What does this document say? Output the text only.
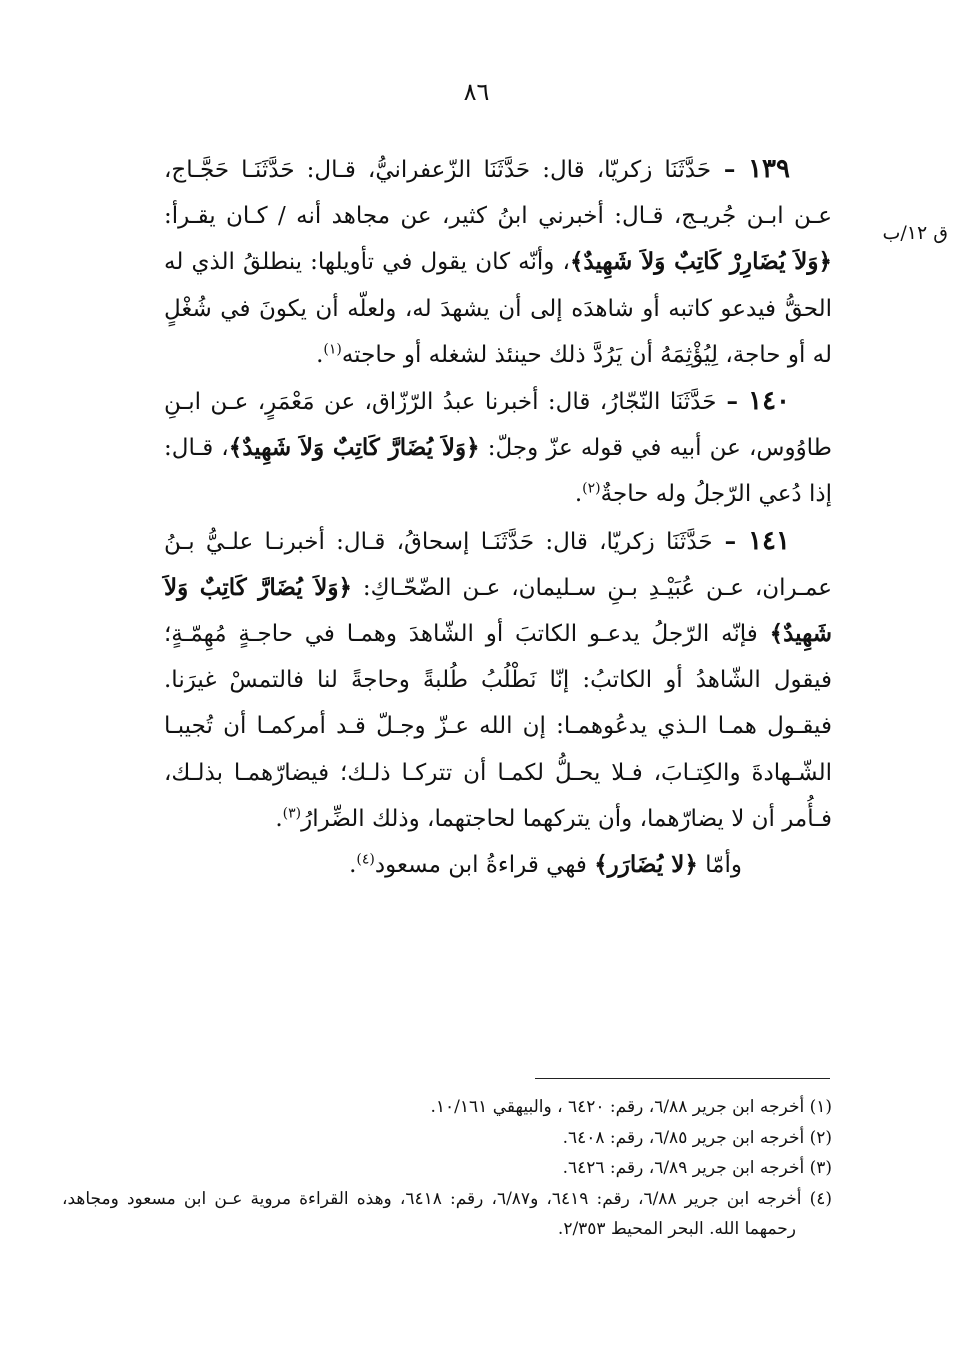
٨٦
ق ١٢/ب

١٣٩ – حَدَّثَنَا زكريّا، قال: حَدَّثَنَا الزّعفرانيُّ، قـال: حَدَّثَنَـا حَجَّـاج، عـن ابـن جُريـج، قـال: أخبرني ابنُ كثير، عن مجاهد أنه / كـان يقـرأ: ﴿وَلاَ يُضَارِرْ كَاتِبٌ وَلاَ شَهِيدٌ﴾، وأنّه كان يقول في تأويلها: ينطلقُ الذي له الحقُّ فيدعو كاتبه أو شاهدَه إلى أن يشهدَ له، ولعلّه أن يكونَ في شُغْلٍ له أو حاجة، لِيُؤْثِمَهُ أن يَرُدَّ ذلك حينئذ لشغله أو حاجته$^{(١)}$.

١٤٠ – حَدَّثَنَا النّجّارُ، قال: أخبرنا عبدُ الرّزّاق، عن مَعْمَرٍ، عـن ابـنِ طاوُوس، عن أبيه في قوله عزّ وجلّ: ﴿وَلاَ يُضَارَّ كَاتِبٌ وَلاَ شَهِيدٌ﴾، قـال: إذا دُعي الرّجلُ وله حاجةٌ$^{(٢)}$.

١٤١ – حَدَّثَنَا زكريّا، قال: حَدَّثَنَـا إسحاقُ، قـال: أخبرنـا علـيُّ بـنُ عمـران، عـن عُبَيْـدِ بـنِ سـليمان، عـن الضّحّـاكِ: ﴿وَلاَ يُضَارَّ كَاتِبٌ وَلاَ شَهِيدٌ﴾ فإنّه الرّجلُ يدعـو الكاتبَ أو الشّاهدَ وهمـا في حاجـةٍ مُهِمّـةٍ؛ فيقول الشّاهدُ أو الكاتبُ: إنّا نَطْلُبُ طُلبةً وحاجةً لنا فالتمسْ غيرَنا. فيقـول همـا الـذي يدعُوهمـا: إن الله عـزّ وجـلّ قـد أمركمـا أن تُجيبـا الشّـهادةَ والكِتـابَ، فـلا يحـلُّ لكمـا أن تتركـا ذلـك؛ فيضارّهمـا بذلـك، فـأُمر أن لا يضارّهما، وأن يتركهما لحاجتهما، وذلك الضِّرارُ$^{(٣)}$.

وأمّا ﴿لا يُضَارَر﴾ فهي قراءةُ ابن مسعود$^{(٤)}$.

(١) أخرجه ابن جرير ٦/٨٨، رقم: ٦٤٢٠ ، والبيهقي ١٠/١٦١.

(٢) أخرجه ابن جرير ٦/٨٥، رقم: ٦٤٠٨.

(٣) أخرجه ابن جرير ٦/٨٩، رقم: ٦٤٢٦.

(٤) أخرجه ابن جرير ٦/٨٨، رقم: ٦٤١٩، و٦/٨٧، رقم: ٦٤١٨، وهذه القراءة مروية عـن ابن مسعود ومجاهد، رحمهما الله. البحر المحيط ٢/٣٥٣.
